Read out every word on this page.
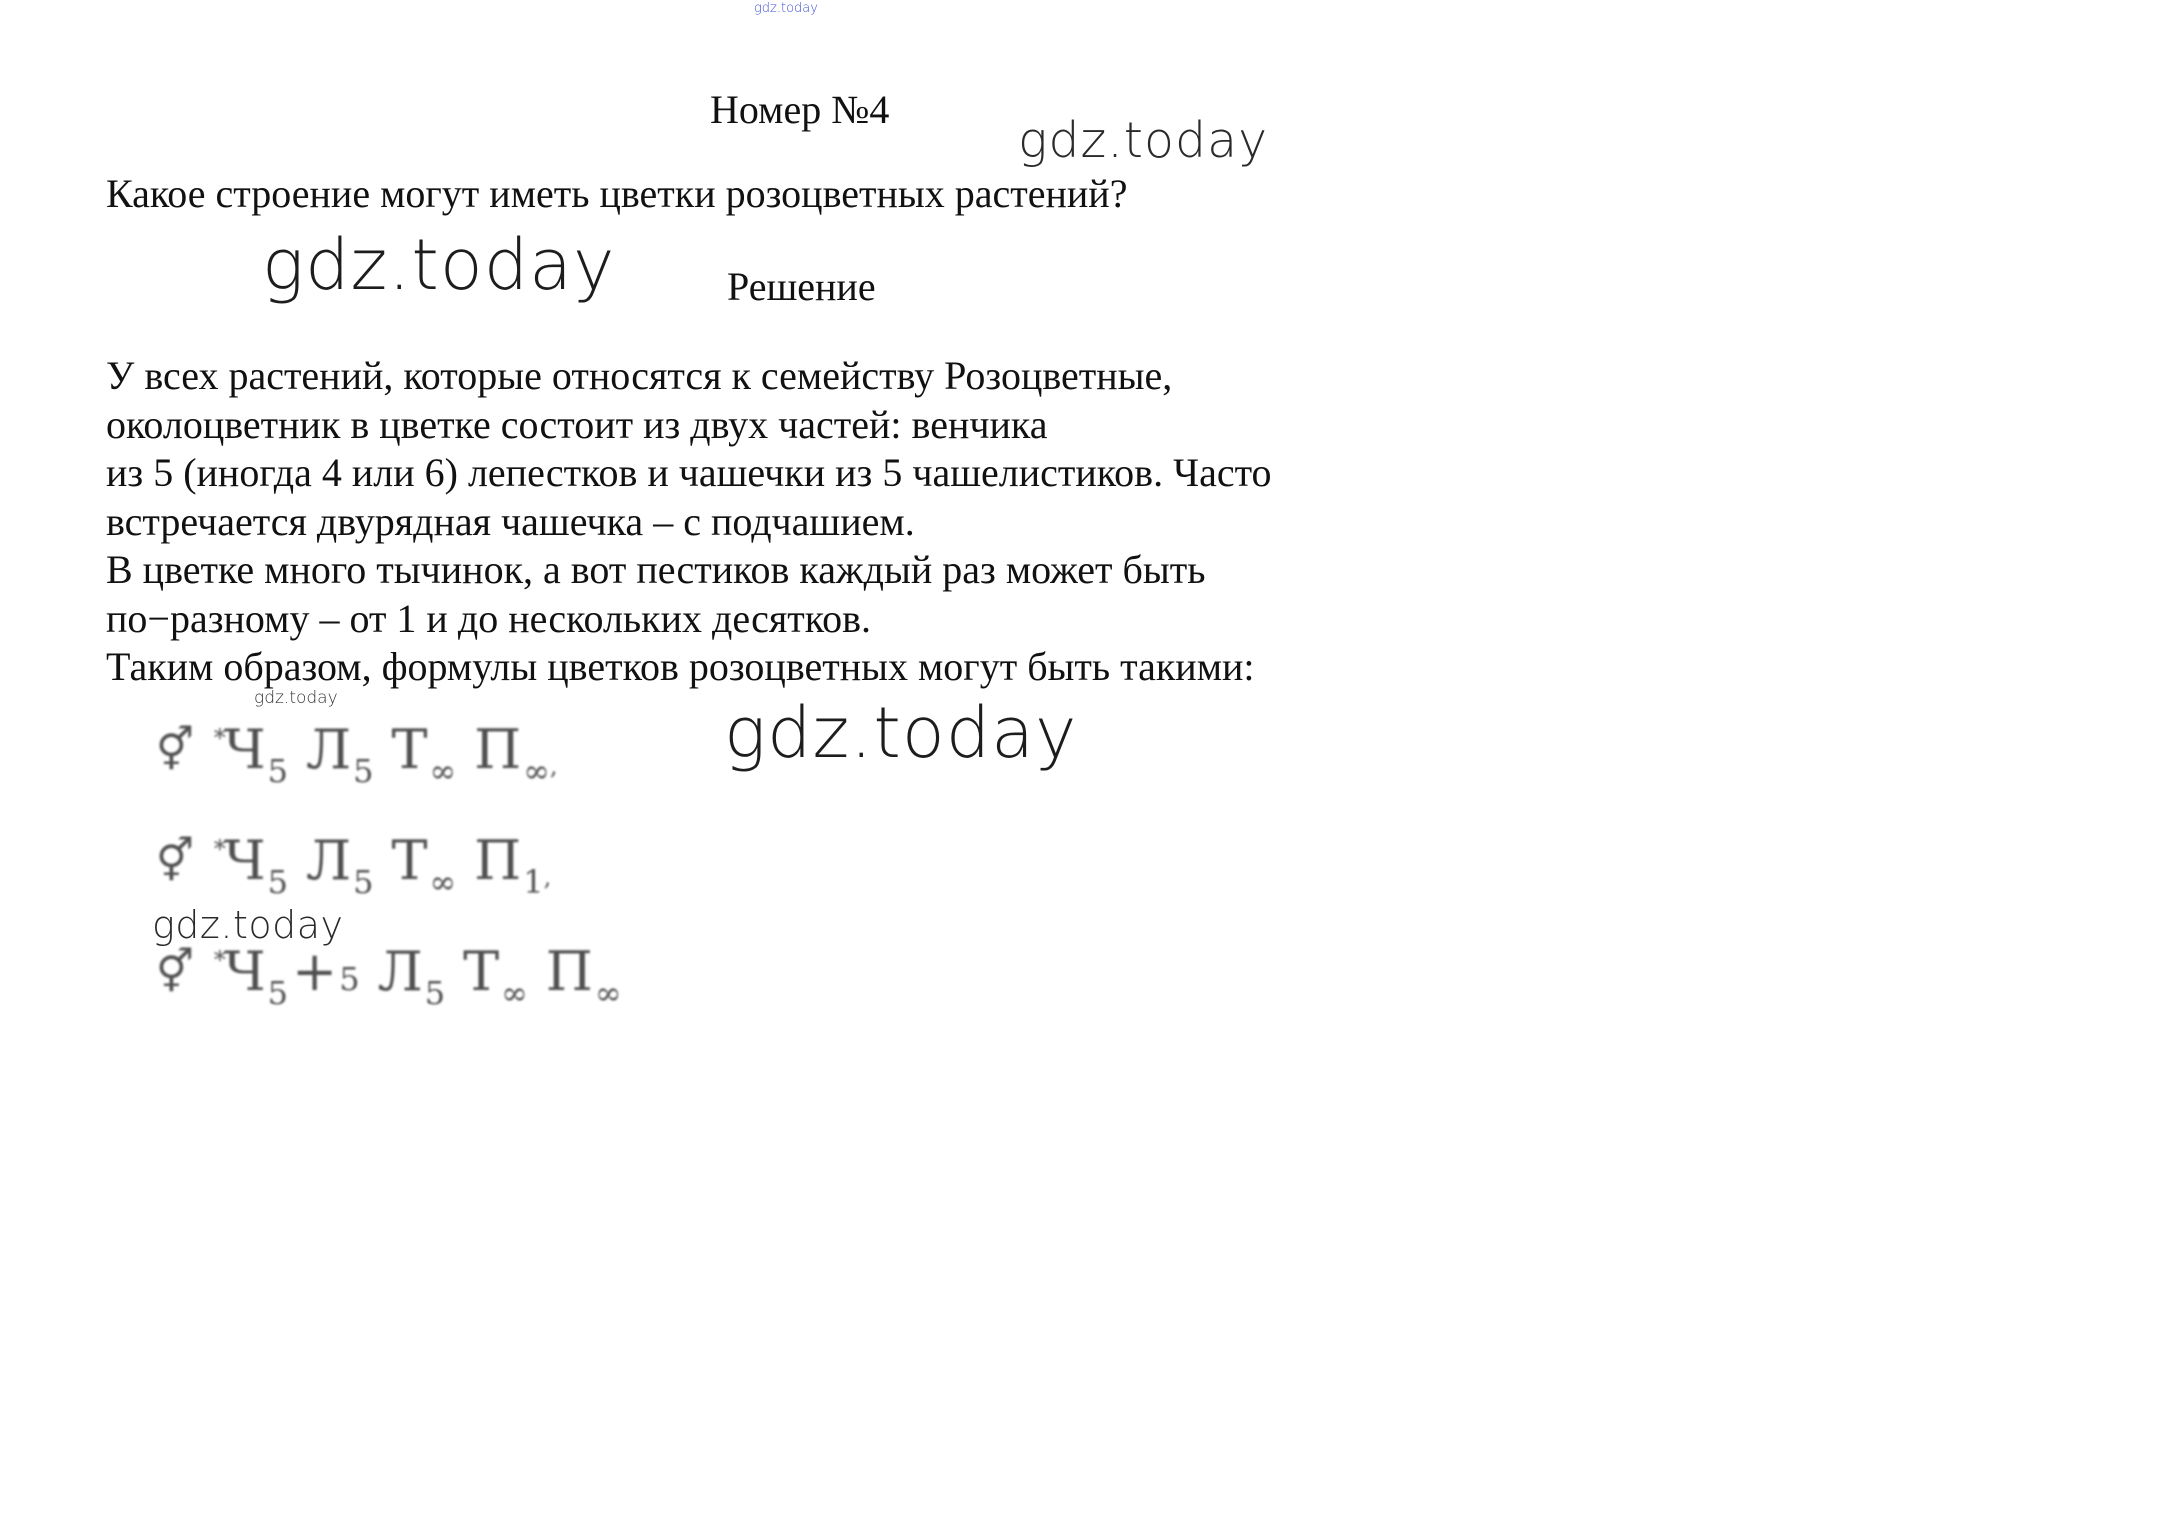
gdz.today
Номер №4
gdz.today
Какое строение могут иметь цветки розоцветных растений?
gdz.today	Решение
У всех растений, которые относятся к семейству Розоцветные,
околоцветник в цветке состоит из двух частей: венчика
из 5 (иногда 4 или 6) лепестков и чашечки из 5 чашелистиков. Часто
встречается двурядная чашечка – с подчашием.
В цветке много тычинок, а вот пестиков каждый раз может быть
по−разному – от 1 и до нескольких десятков.
Таким образом, формулы цветков розоцветных могут быть такими:
gdz.today	gdz.today
⚥ $^*Ч_5$ $Л_5$ $Т_\infty$ $П_\infty$,
⚥ $^*Ч_5$ $Л_5$ $Т_\infty$ $П_1$,
gdz.today
⚥ $^*Ч_5+5$ $Л_5$ $Т_\infty$ $П_\infty$
